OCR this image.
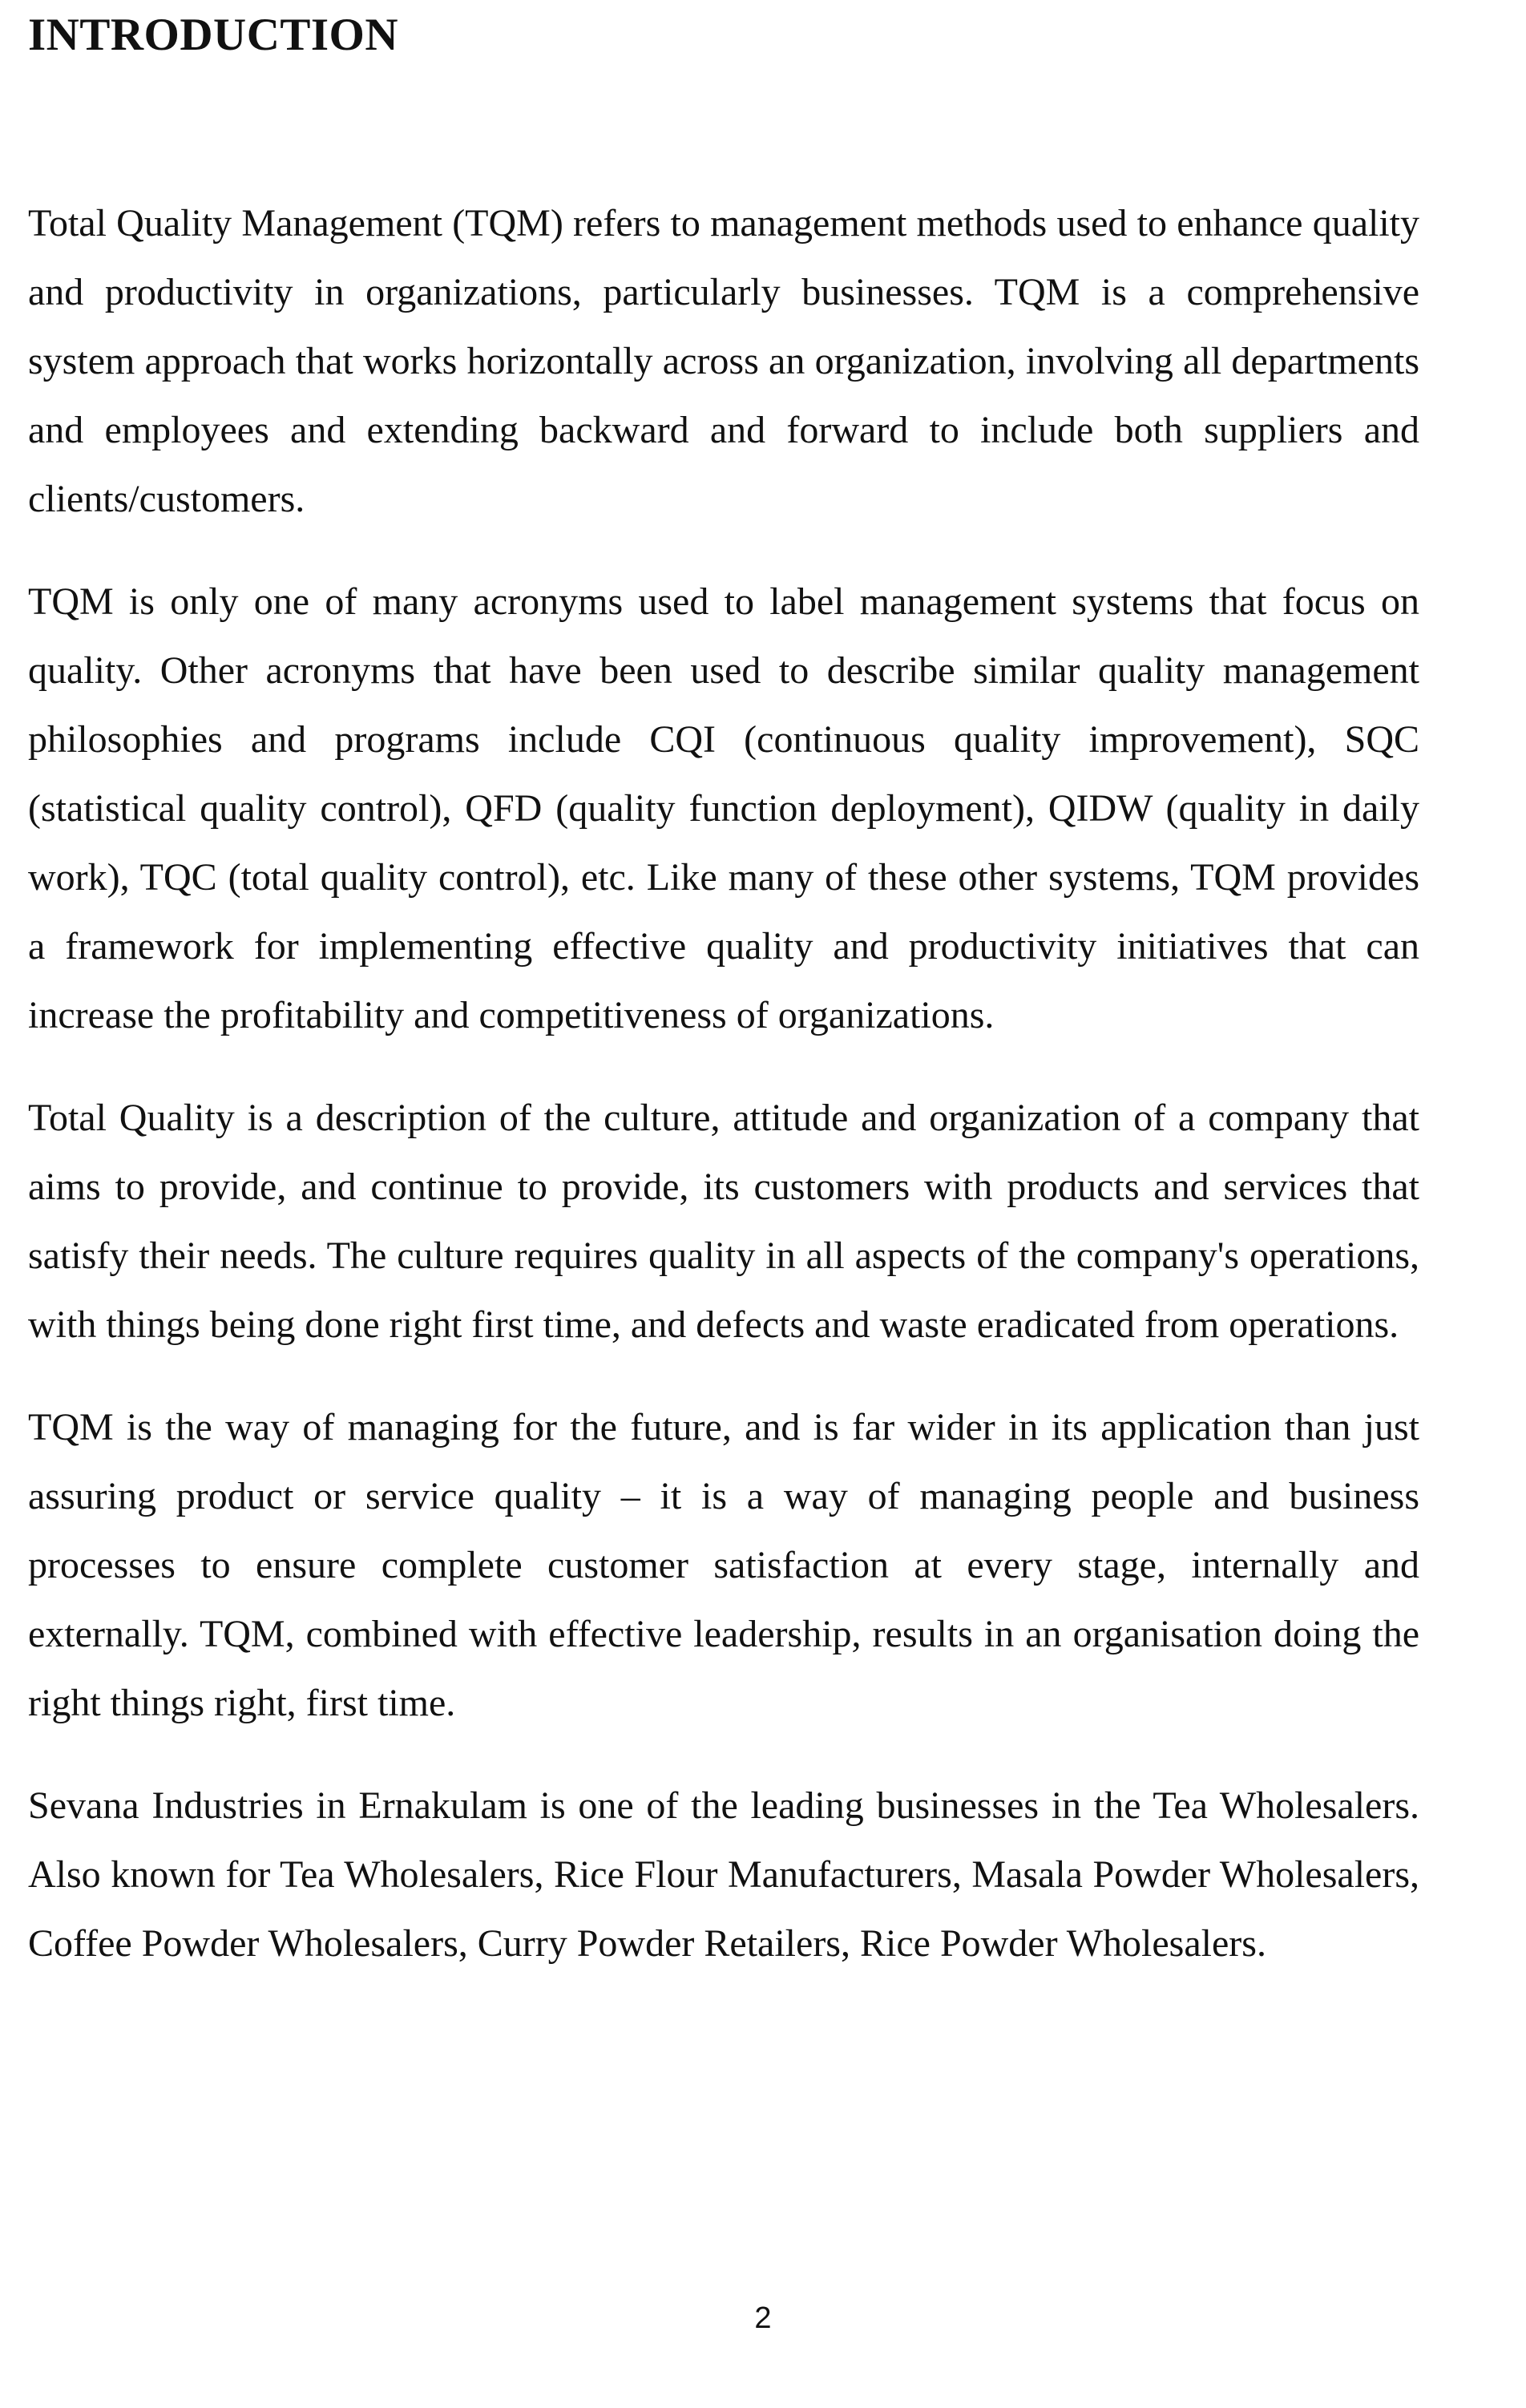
INTRODUCTION

Total Quality Management (TQM) refers to management methods used to enhance quality and productivity in organizations, particularly businesses. TQM is a comprehensive system approach that works horizontally across an organization, involving all departments and employees and extending backward and forward to include both suppliers and clients/customers.

TQM is only one of many acronyms used to label management systems that focus on quality. Other acronyms that have been used to describe similar quality management philosophies and programs include CQI (continuous quality improvement), SQC (statistical quality control), QFD (quality function deployment), QIDW (quality in daily work), TQC (total quality control), etc. Like many of these other systems, TQM provides a framework for implementing effective quality and productivity initiatives that can increase the profitability and competitiveness of organizations.

Total Quality is a description of the culture, attitude and organization of a company that aims to provide, and continue to provide, its customers with products and services that satisfy their needs. The culture requires quality in all aspects of the company's operations, with things being done right first time, and defects and waste eradicated from operations.

TQM is the way of managing for the future, and is far wider in its application than just assuring product or service quality – it is a way of managing people and business processes to ensure complete customer satisfaction at every stage, internally and externally. TQM, combined with effective leadership, results in an organisation doing the right things right, first time.

Sevana Industries in Ernakulam is one of the leading businesses in the Tea Wholesalers. Also known for Tea Wholesalers, Rice Flour Manufacturers, Masala Powder Wholesalers, Coffee Powder Wholesalers, Curry Powder Retailers, Rice Powder Wholesalers.

2
